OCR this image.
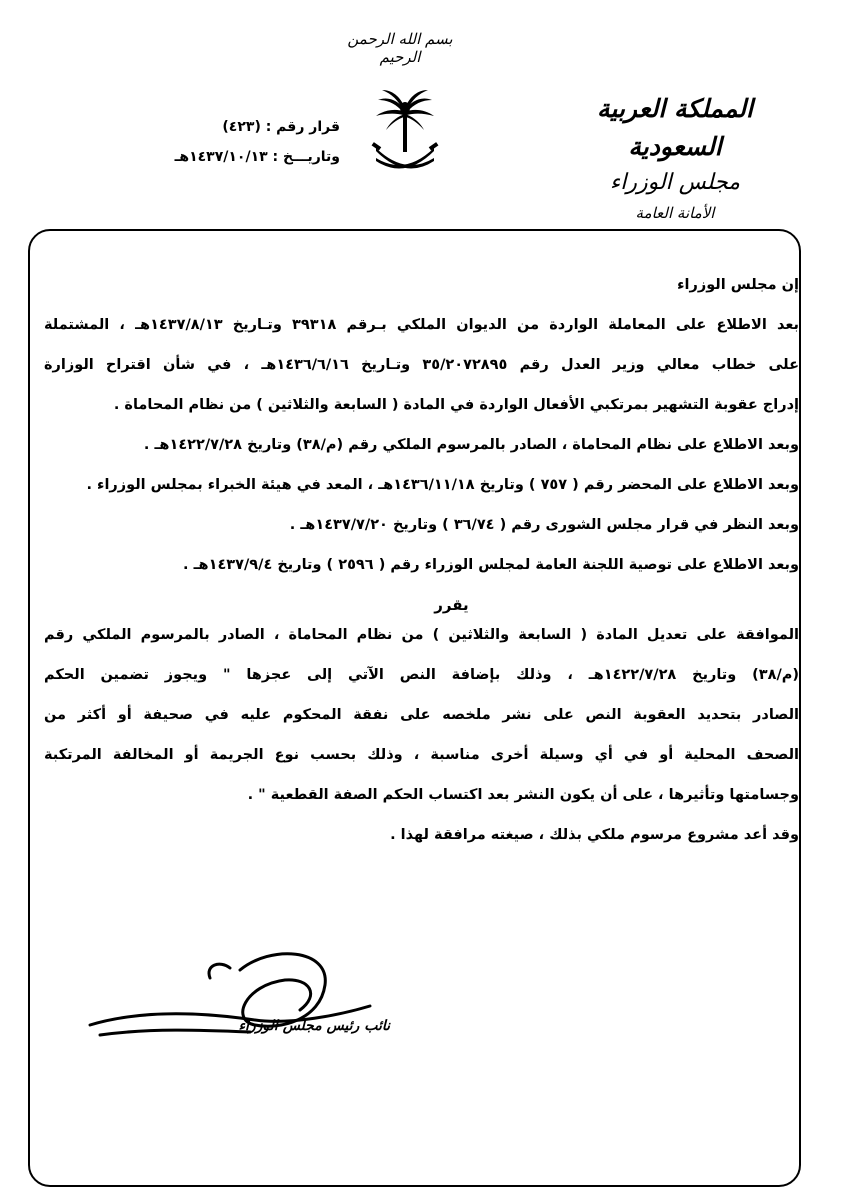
بسم الله الرحمن الرحيم
المملكة العربية السعودية
مجلس الوزراء
الأمانة العامة
قرار رقم : (٤٢٣)
وتاريـــخ : ١٤٣٧/١٠/١٣هـ
إن مجلس الوزراء
بعد الاطلاع على المعاملة الواردة من الديوان الملكي بـرقم ٣٩٣١٨ وتـاريخ ١٤٣٧/٨/١٣هـ ، المشتملة
على خطاب معالي وزير العدل رقم ٣٥/٢٠٧٢٨٩٥ وتـاريخ ١٤٣٦/٦/١٦هـ ، في شأن اقتراح الوزارة
إدراج عقوبة التشهير بمرتكبي الأفعال الواردة في المادة ( السابعة والثلاثين ) من نظام المحاماة .
وبعد الاطلاع على نظام المحاماة ، الصادر بالمرسوم الملكي رقم (م/٣٨) وتاريخ ١٤٢٢/٧/٢٨هـ .
وبعد الاطلاع على المحضر رقم ( ٧٥٧ ) وتاريخ ١٤٣٦/١١/١٨هـ ، المعد في هيئة الخبراء بمجلس الوزراء .
وبعد النظر في قرار مجلس الشورى رقم ( ٣٦/٧٤ ) وتاريخ ١٤٣٧/٧/٢٠هـ .
وبعد الاطلاع على توصية اللجنة العامة لمجلس الوزراء رقم ( ٢٥٩٦ ) وتاريخ ١٤٣٧/٩/٤هـ .
يقرر
الموافقة على تعديل المادة ( السابعة والثلاثين ) من نظام المحاماة ، الصادر بالمرسوم الملكي رقم
(م/٣٨) وتاريخ ١٤٢٢/٧/٢٨هـ ، وذلك بإضافة النص الآتي إلى عجزها " ويجوز تضمين الحكم
الصادر بتحديد العقوبة النص على نشر ملخصه على نفقة المحكوم عليه في صحيفة أو أكثر من
الصحف المحلية أو في أي وسيلة أخرى مناسبة ، وذلك بحسب نوع الجريمة أو المخالفة المرتكبة
وجسامتها وتأثيرها ، على أن يكون النشر بعد اكتساب الحكم الصفة القطعية " .
وقد أعد مشروع مرسوم ملكي بذلك ، صيغته مرافقة لهذا .
نائب رئيس مجلس الوزراء
